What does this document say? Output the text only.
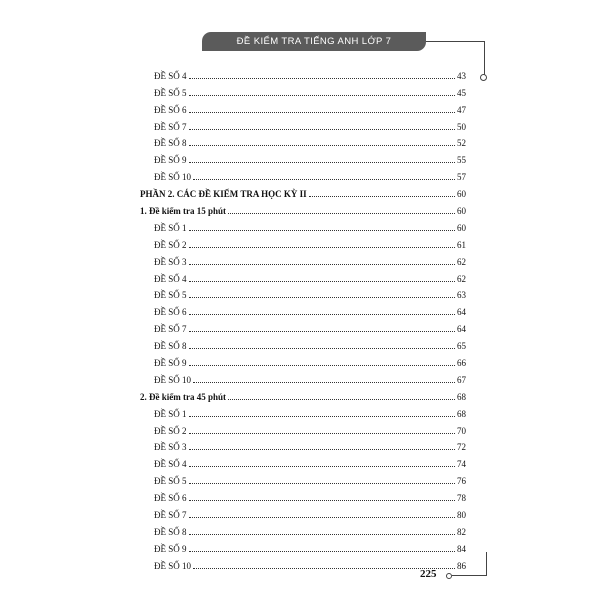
ĐỀ KIỂM TRA TIẾNG ANH LỚP 7
ĐỀ SỐ 4	43
ĐỀ SỐ 5	45
ĐỀ SỐ 6	47
ĐỀ SỐ 7	50
ĐỀ SỐ 8	52
ĐỀ SỐ 9	55
ĐỀ SỐ 10	57
PHẦN 2. CÁC ĐỀ KIỂM TRA HỌC KỲ II	60
1. Đề kiểm tra 15 phút	60
ĐỀ SỐ 1	60
ĐỀ SỐ 2	61
ĐỀ SỐ 3	62
ĐỀ SỐ 4	62
ĐỀ SỐ 5	63
ĐỀ SỐ 6	64
ĐỀ SỐ 7	64
ĐỀ SỐ 8	65
ĐỀ SỐ 9	66
ĐỀ SỐ 10	67
2. Đề kiểm tra 45 phút	68
ĐỀ SỐ 1	68
ĐỀ SỐ 2	70
ĐỀ SỐ 3	72
ĐỀ SỐ 4	74
ĐỀ SỐ 5	76
ĐỀ SỐ 6	78
ĐỀ SỐ 7	80
ĐỀ SỐ 8	82
ĐỀ SỐ 9	84
ĐỀ SỐ 10	86
225
